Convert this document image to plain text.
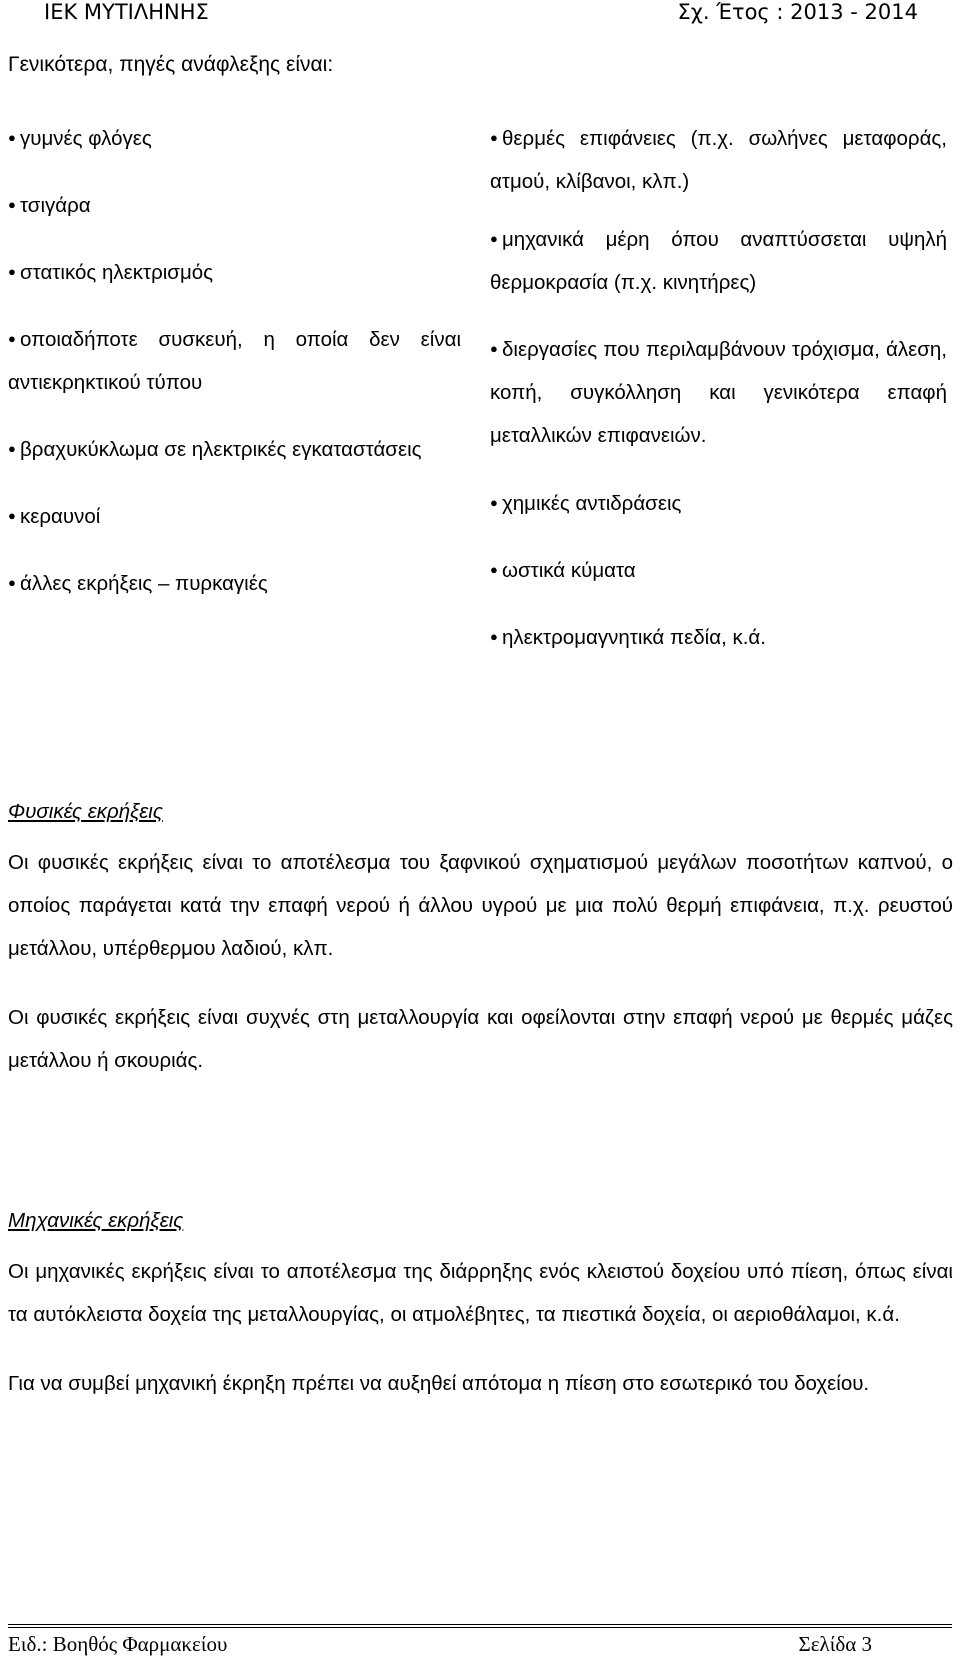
ΙΕΚ ΜΥΤΙΛΗΝΗΣ	Σχ. Έτος : 2013 - 2014
Γενικότερα, πηγές ανάφλεξης είναι:
● γυμνές φλόγες
● τσιγάρα
● στατικός ηλεκτρισμός
● οποιαδήποτε συσκευή, η οποία δεν είναι αντιεκρηκτικού τύπου
● βραχυκύκλωμα σε ηλεκτρικές εγκαταστάσεις
● κεραυνοί
● άλλες εκρήξεις – πυρκαγιές
● θερμές επιφάνειες (π.χ. σωλήνες μεταφοράς, ατμού, κλίβανοι, κλπ.)
● μηχανικά μέρη όπου αναπτύσσεται υψηλή θερμοκρασία (π.χ. κινητήρες)
● διεργασίες που περιλαμβάνουν τρόχισμα, άλεση, κοπή, συγκόλληση και γενικότερα επαφή μεταλλικών επιφανειών.
● χημικές αντιδράσεις
● ωστικά κύματα
● ηλεκτρομαγνητικά πεδία, κ.ά.
Φυσικές εκρήξεις

Οι φυσικές εκρήξεις είναι το αποτέλεσμα του ξαφνικού σχηματισμού μεγάλων ποσοτήτων καπνού, ο οποίος παράγεται κατά την επαφή νερού ή άλλου υγρού με μια πολύ θερμή επιφάνεια, π.χ. ρευστού μετάλλου, υπέρθερμου λαδιού, κλπ.

Οι φυσικές εκρήξεις είναι συχνές στη μεταλλουργία και οφείλονται στην επαφή νερού με θερμές μάζες μετάλλου ή σκουριάς.

Μηχανικές εκρήξεις

Οι μηχανικές εκρήξεις είναι το αποτέλεσμα της διάρρηξης ενός κλειστού δοχείου υπό πίεση, όπως είναι τα αυτόκλειστα δοχεία της μεταλλουργίας, οι ατμολέβητες, τα πιεστικά δοχεία, οι αεριοθάλαμοι, κ.ά.

Για να συμβεί μηχανική έκρηξη πρέπει να αυξηθεί απότομα η πίεση στο εσωτερικό του δοχείου.

Ειδ.: Βοηθός Φαρμακείου	Σελίδα 3
